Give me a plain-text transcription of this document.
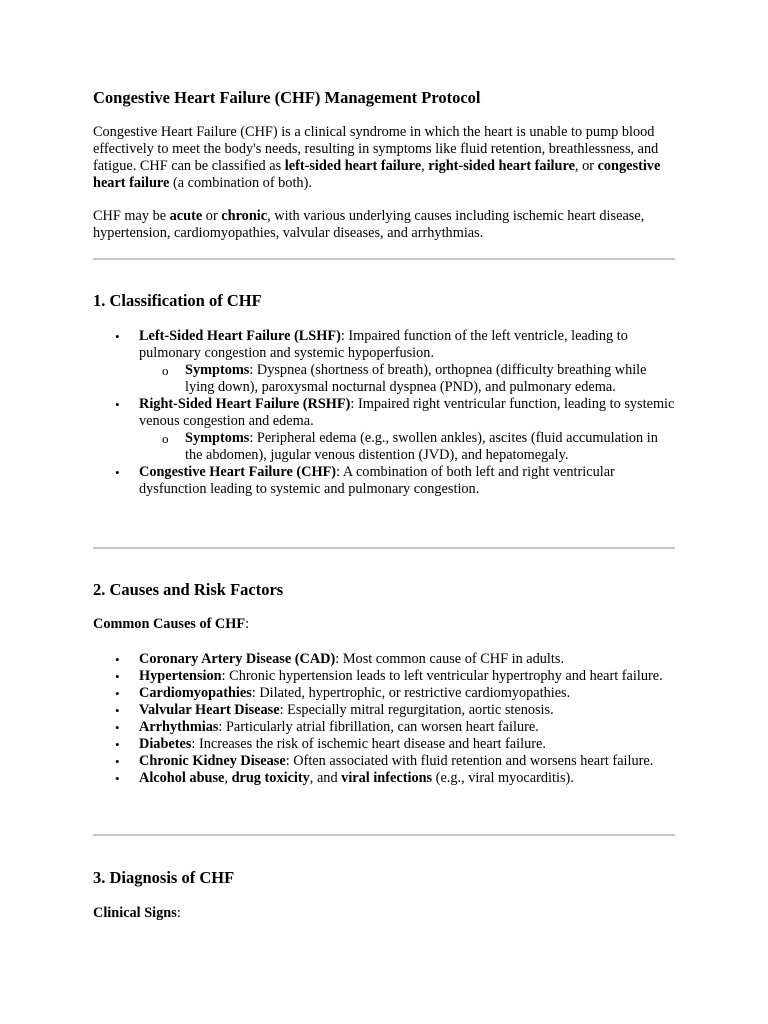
Congestive Heart Failure (CHF) Management Protocol

Congestive Heart Failure (CHF) is a clinical syndrome in which the heart is unable to pump blood effectively to meet the body's needs, resulting in symptoms like fluid retention, breathlessness, and fatigue. CHF can be classified as left-sided heart failure, right-sided heart failure, or congestive heart failure (a combination of both).

CHF may be acute or chronic, with various underlying causes including ischemic heart disease, hypertension, cardiomyopathies, valvular diseases, and arrhythmias.

1. Classification of CHF
• Left-Sided Heart Failure (LSHF): Impaired function of the left ventricle, leading to pulmonary congestion and systemic hypoperfusion.
o Symptoms: Dyspnea (shortness of breath), orthopnea (difficulty breathing while lying down), paroxysmal nocturnal dyspnea (PND), and pulmonary edema.
• Right-Sided Heart Failure (RSHF): Impaired right ventricular function, leading to systemic venous congestion and edema.
o Symptoms: Peripheral edema (e.g., swollen ankles), ascites (fluid accumulation in the abdomen), jugular venous distention (JVD), and hepatomegaly.
• Congestive Heart Failure (CHF): A combination of both left and right ventricular dysfunction leading to systemic and pulmonary congestion.
2. Causes and Risk Factors

Common Causes of CHF:

• Coronary Artery Disease (CAD): Most common cause of CHF in adults.
• Hypertension: Chronic hypertension leads to left ventricular hypertrophy and heart failure.
• Cardiomyopathies: Dilated, hypertrophic, or restrictive cardiomyopathies.
• Valvular Heart Disease: Especially mitral regurgitation, aortic stenosis.
• Arrhythmias: Particularly atrial fibrillation, can worsen heart failure.
• Diabetes: Increases the risk of ischemic heart disease and heart failure.
• Chronic Kidney Disease: Often associated with fluid retention and worsens heart failure.
• Alcohol abuse, drug toxicity, and viral infections (e.g., viral myocarditis).
3. Diagnosis of CHF

Clinical Signs:
